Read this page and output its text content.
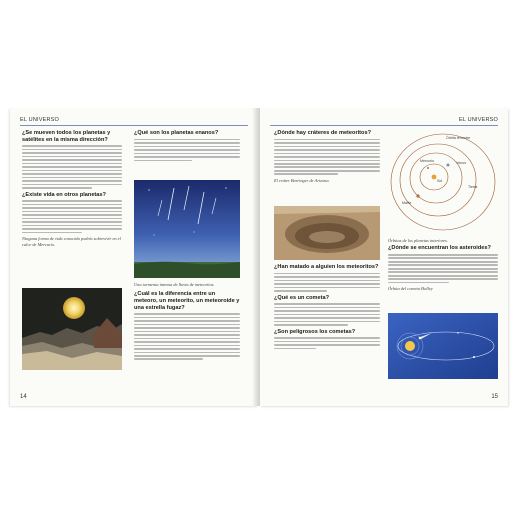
EL UNIVERSO
¿Se mueven todos los planetas y satélites en la misma dirección?
¿Existe vida en otros planetas?
Ninguna forma de vida conocida podría sobrevivir en el calor de Mercurio.
¿Qué son los planetas enanos?
Una tormenta intensa de lluvia de meteoritos.
¿Cuál es la diferencia entre un meteoro, un meteorito, un meteoroide y una estrella fugaz?
14
EL UNIVERSO
¿Dónde hay cráteres de meteoritos?
El cráter Barringer de Arizona.
¿Han matado a alguien los meteoritos?
¿Qué es un cometa?
¿Son peligrosos los cometas?
Órbita terrestre
Venus
Marte
Tierra
Sol
Mercurio
Órbitas de los planetas interiores.
¿Dónde se encuentran los asteroides?
Órbita del cometa Halley
15
